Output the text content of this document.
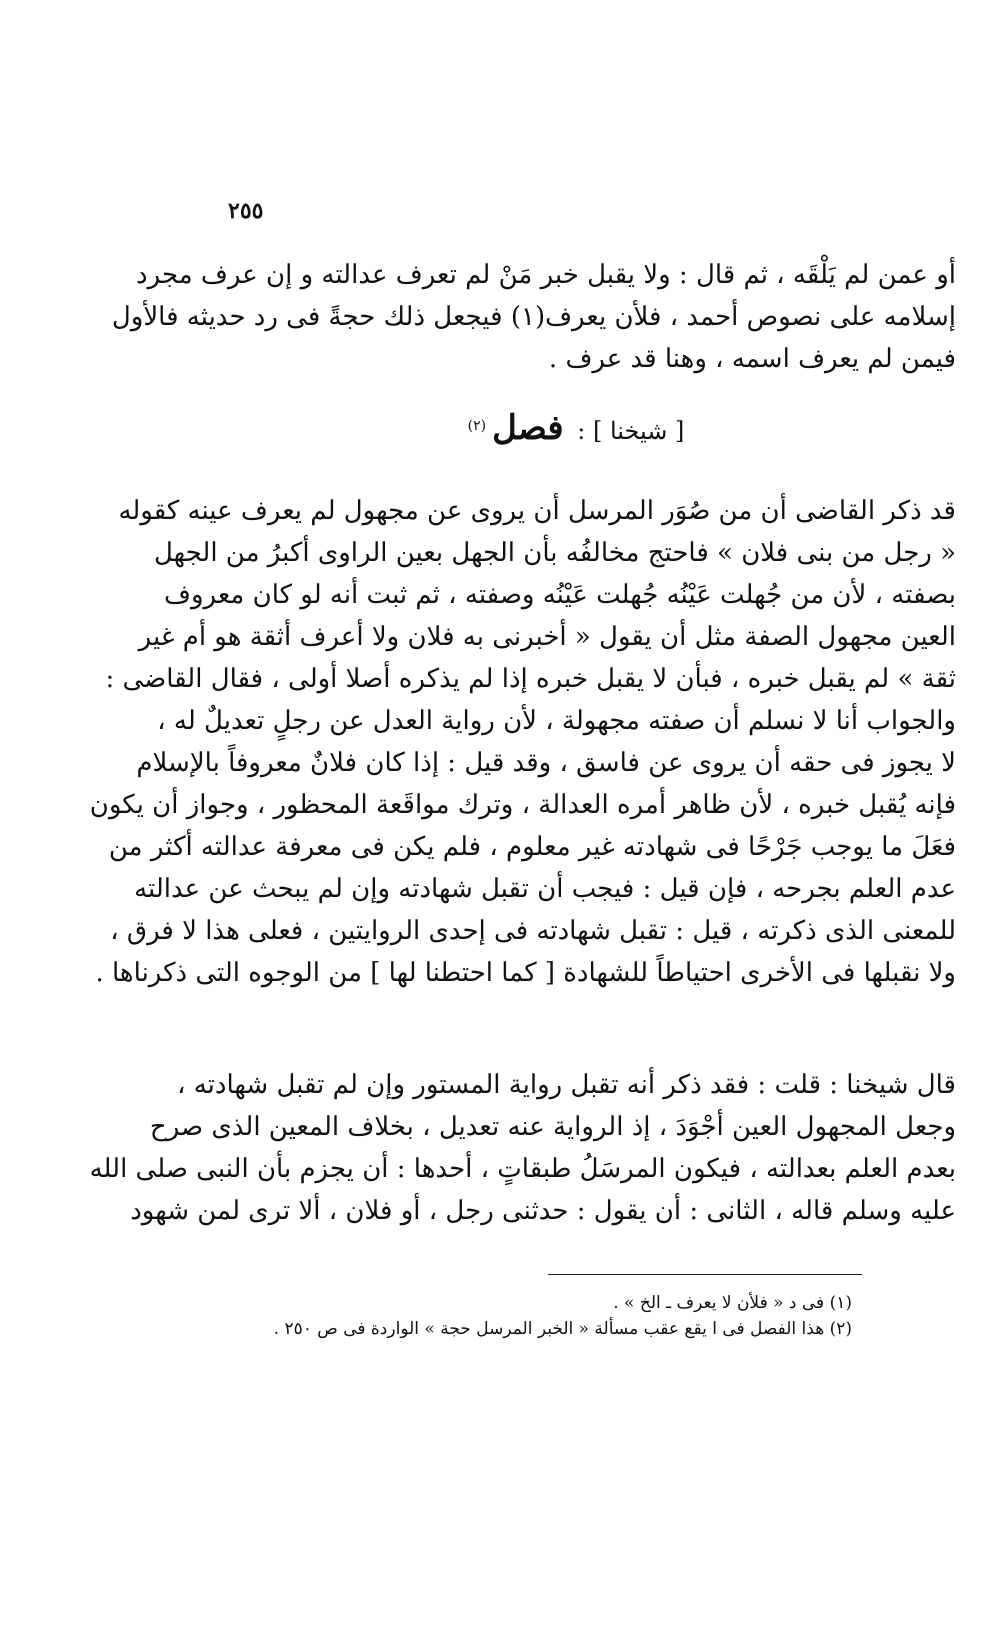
٢٥٥
أو عمن لم يَلْقَه ، ثم قال : ولا يقبل خبر مَنْ لم تعرف عدالته و إن عرف مجرد
إسلامه على نصوص أحمد ، فلأن يعرف(١) فيجعل ذلك حجةً فى رد حديثه فالأول
فيمن لم يعرف اسمه ، وهنا قد عرف .
[ شيخنا ] : فصل$^{(٢)}$
قد ذكر القاضى أن من صُوَر المرسل أن يروى عن مجهول لم يعرف عينه كقوله
« رجل من بنى فلان » فاحتج مخالفُه بأن الجهل بعين الراوى أكبرُ من الجهل
بصفته ، لأن من جُهلت عَيْنُه جُهلت عَيْنُه وصفته ، ثم ثبت أنه لو كان معروف
العين مجهول الصفة مثل أن يقول « أخبرنى به فلان ولا أعرف أثقة هو أم غير
ثقة » لم يقبل خبره ، فبأن لا يقبل خبره إذا لم يذكره أصلا أولى ، فقال القاضى :
والجواب أنا لا نسلم أن صفته مجهولة ، لأن رواية العدل عن رجلٍ تعديلٌ له ،
لا يجوز فى حقه أن يروى عن فاسق ، وقد قيل : إذا كان فلانٌ معروفاً بالإسلام
فإنه يُقبل خبره ، لأن ظاهر أمره العدالة ، وترك مواقَعة المحظور ، وجواز أن يكون
فعَلَ ما يوجب جَرْحًا فى شهادته غير معلوم ، فلم يكن فى معرفة عدالته أكثر من
عدم العلم بجرحه ، فإن قيل : فيجب أن تقبل شهادته وإن لم يبحث عن عدالته
للمعنى الذى ذكرته ، قيل : تقبل شهادته فى إحدى الروايتين ، فعلى هذا لا فرق ،
ولا نقبلها فى الأخرى احتياطاً للشهادة [ كما احتطنا لها ] من الوجوه التى ذكرناها .
قال شيخنا : قلت : فقد ذكر أنه تقبل رواية المستور وإن لم تقبل شهادته ،
وجعل المجهول العين أجْوَدَ ، إذ الرواية عنه تعديل ، بخلاف المعين الذى صرح
بعدم العلم بعدالته ، فيكون المرسَلُ طبقاتٍ ، أحدها : أن يجزم بأن النبى صلى الله
عليه وسلم قاله ، الثانى : أن يقول : حدثنى رجل ، أو فلان ، ألا ترى لمن شهود
(١) فى د « فلأن لا يعرف ـ الخ » .
(٢) هذا الفصل فى ا يقع عقب مسألة « الخبر المرسل حجة » الواردة فى ص ٢٥٠ .
